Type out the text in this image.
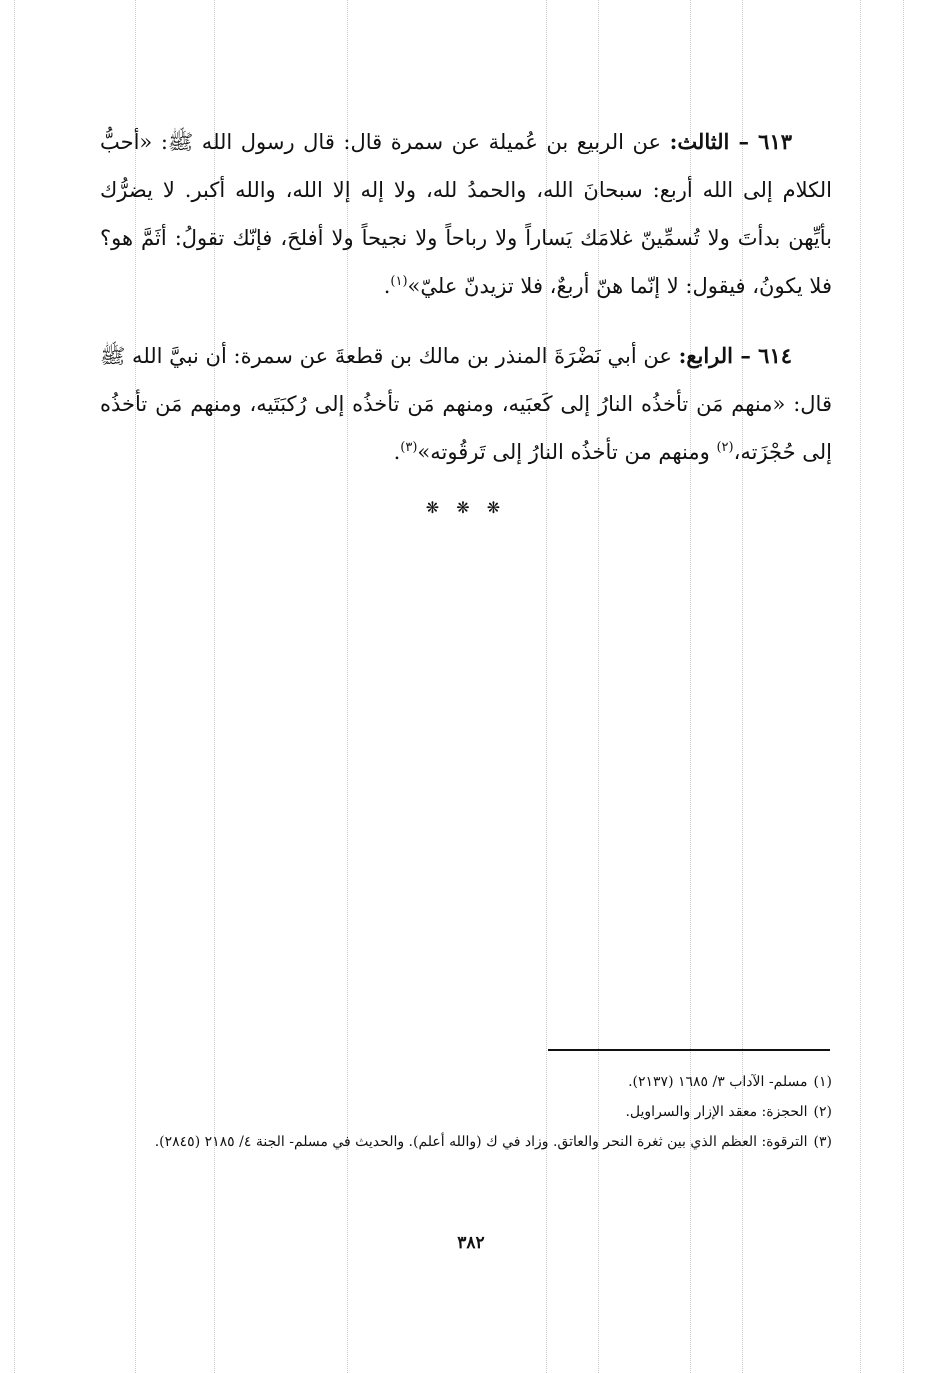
٦١٣ – الثالث: عن الربيع بن عُميلة عن سمرة قال: قال رسول الله ﷺ: «أحبُّ الكلام إلى الله أربع: سبحانَ الله، والحمدُ لله، ولا إله إلا الله، والله أكبر. لا يضرُّك بأيِّهن بدأتَ ولا تُسمِّينّ غلامَك يَساراً ولا رباحاً ولا نجيحاً ولا أفلحَ، فإنّك تقولُ: أثَمَّ هو؟ فلا يكونُ، فيقول: لا إنّما هنّ أربعٌ، فلا تزيدنّ عليّ»$^{(١)}$.

٦١٤ – الرابع: عن أبي نَضْرَةَ المنذر بن مالك بن قطعةَ عن سمرة: أن نبيَّ الله ﷺ قال: «منهم مَن تأخذُه النارُ إلى كَعبَيه، ومنهم مَن تأخذُه إلى رُكبَتَيه، ومنهم مَن تأخذُه إلى حُجْزَته،$^{(٢)}$ ومنهم من تأخذُه النارُ إلى تَرقُوته»$^{(٣)}$.

❋ ❋ ❋

(١)مسلم- الآداب ٣/ ١٦٨٥ (٢١٣٧).

(٢)الحجزة: معقد الإزار والسراويل.

(٣)الترقوة: العظم الذي بين ثغرة النحر والعاتق. وزاد في ك (والله أعلم). والحديث في مسلم- الجنة ٤/ ٢١٨٥ (٢٨٤٥).

٣٨٢
